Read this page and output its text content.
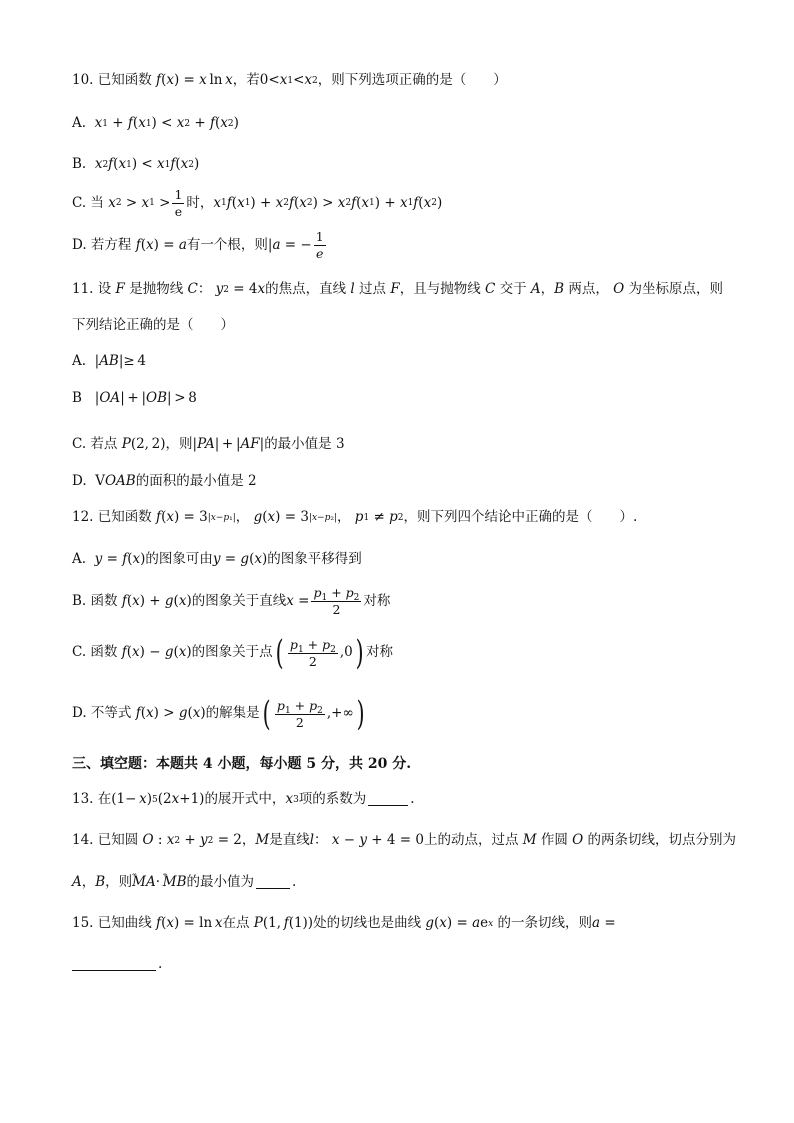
10. 已知函数 f ( x ) = x  ln  x ，若 0< x 1 < x 2 ，则下列选项正确的是（　　）
A.
x 1 + f ( x 1 ) < x 2 + f ( x 2 )
B.
x 2 f ( x 1 ) < x 1 f ( x 2 )
C. 当
x 2 > x $1 > \frac{1}{e}$ 时， x 1 f ( x 1 ) + x 2 f ( x 2 ) > x 2 f ( x 1 ) + x 1 f ( x 2 )
D. 若方程 f ( x ) = a 有一个根，则 | a = − $\frac{1}{e}$
11. 设 F 是抛物线 C ： y 2 = 4 x 的焦点，直线 l 过点 F ，且与抛物线 C 交于 A ， B 两点， O 为坐标原点，则
下列结论正确的是（　　）
A. | AB |≥ 4
B | OA | + | OB | > 8
C. 若点
P (2, 2) ，则 | PA | + | AF | 的最小值是 3
D. V OAB 的面积的最小值是 2
12. 已知函数 f ( x ) = 3 |x−p₁| ， g ( x ) = 3 |x−p₂| ， p 1 ≠ p 2 ，则下列四个结论中正确的是（　　）.
A.
y = f ( x ) 的图象可由 y = g ( x ) 的图象平移得到
B. 函数
f ( x ) + g ( x ) 的图象关于直线 $x = \frac{p_1 + p_2}{2}$ 对称
C. 函数
f ( x ) − g ( x ) 的图象关于点 ( $\frac{p_1 + p_2}{2} ,0$ ) 对称
D. 不等式
f ( x ) > g ( x ) 的解集是 ( $\frac{p_1 + p_2}{2}$ ,+∞ )
三、填空题：本题共 4 小题，每小题 5 分，共 20 分.
13. 在 (1−  x ) 5 (2 x +1) 的展开式中， x 3 项的系数为	.
14. 已知圆 O : x 2 + y 2 = 2 ， M 是直线 l ： x − y + 4 = 0 上的动点，过点 M 作圆 O 的两条切线，切点分别为
A ， B ，则 ‸‸ MA ·  ‸‸ MB 的最小值为	.
15. 已知曲线 f ( x ) = ln  x 在点 P (1,  f (1)) 处的切线也是曲线 g ( x ) = a e x
的一条切线，则 a =
.
